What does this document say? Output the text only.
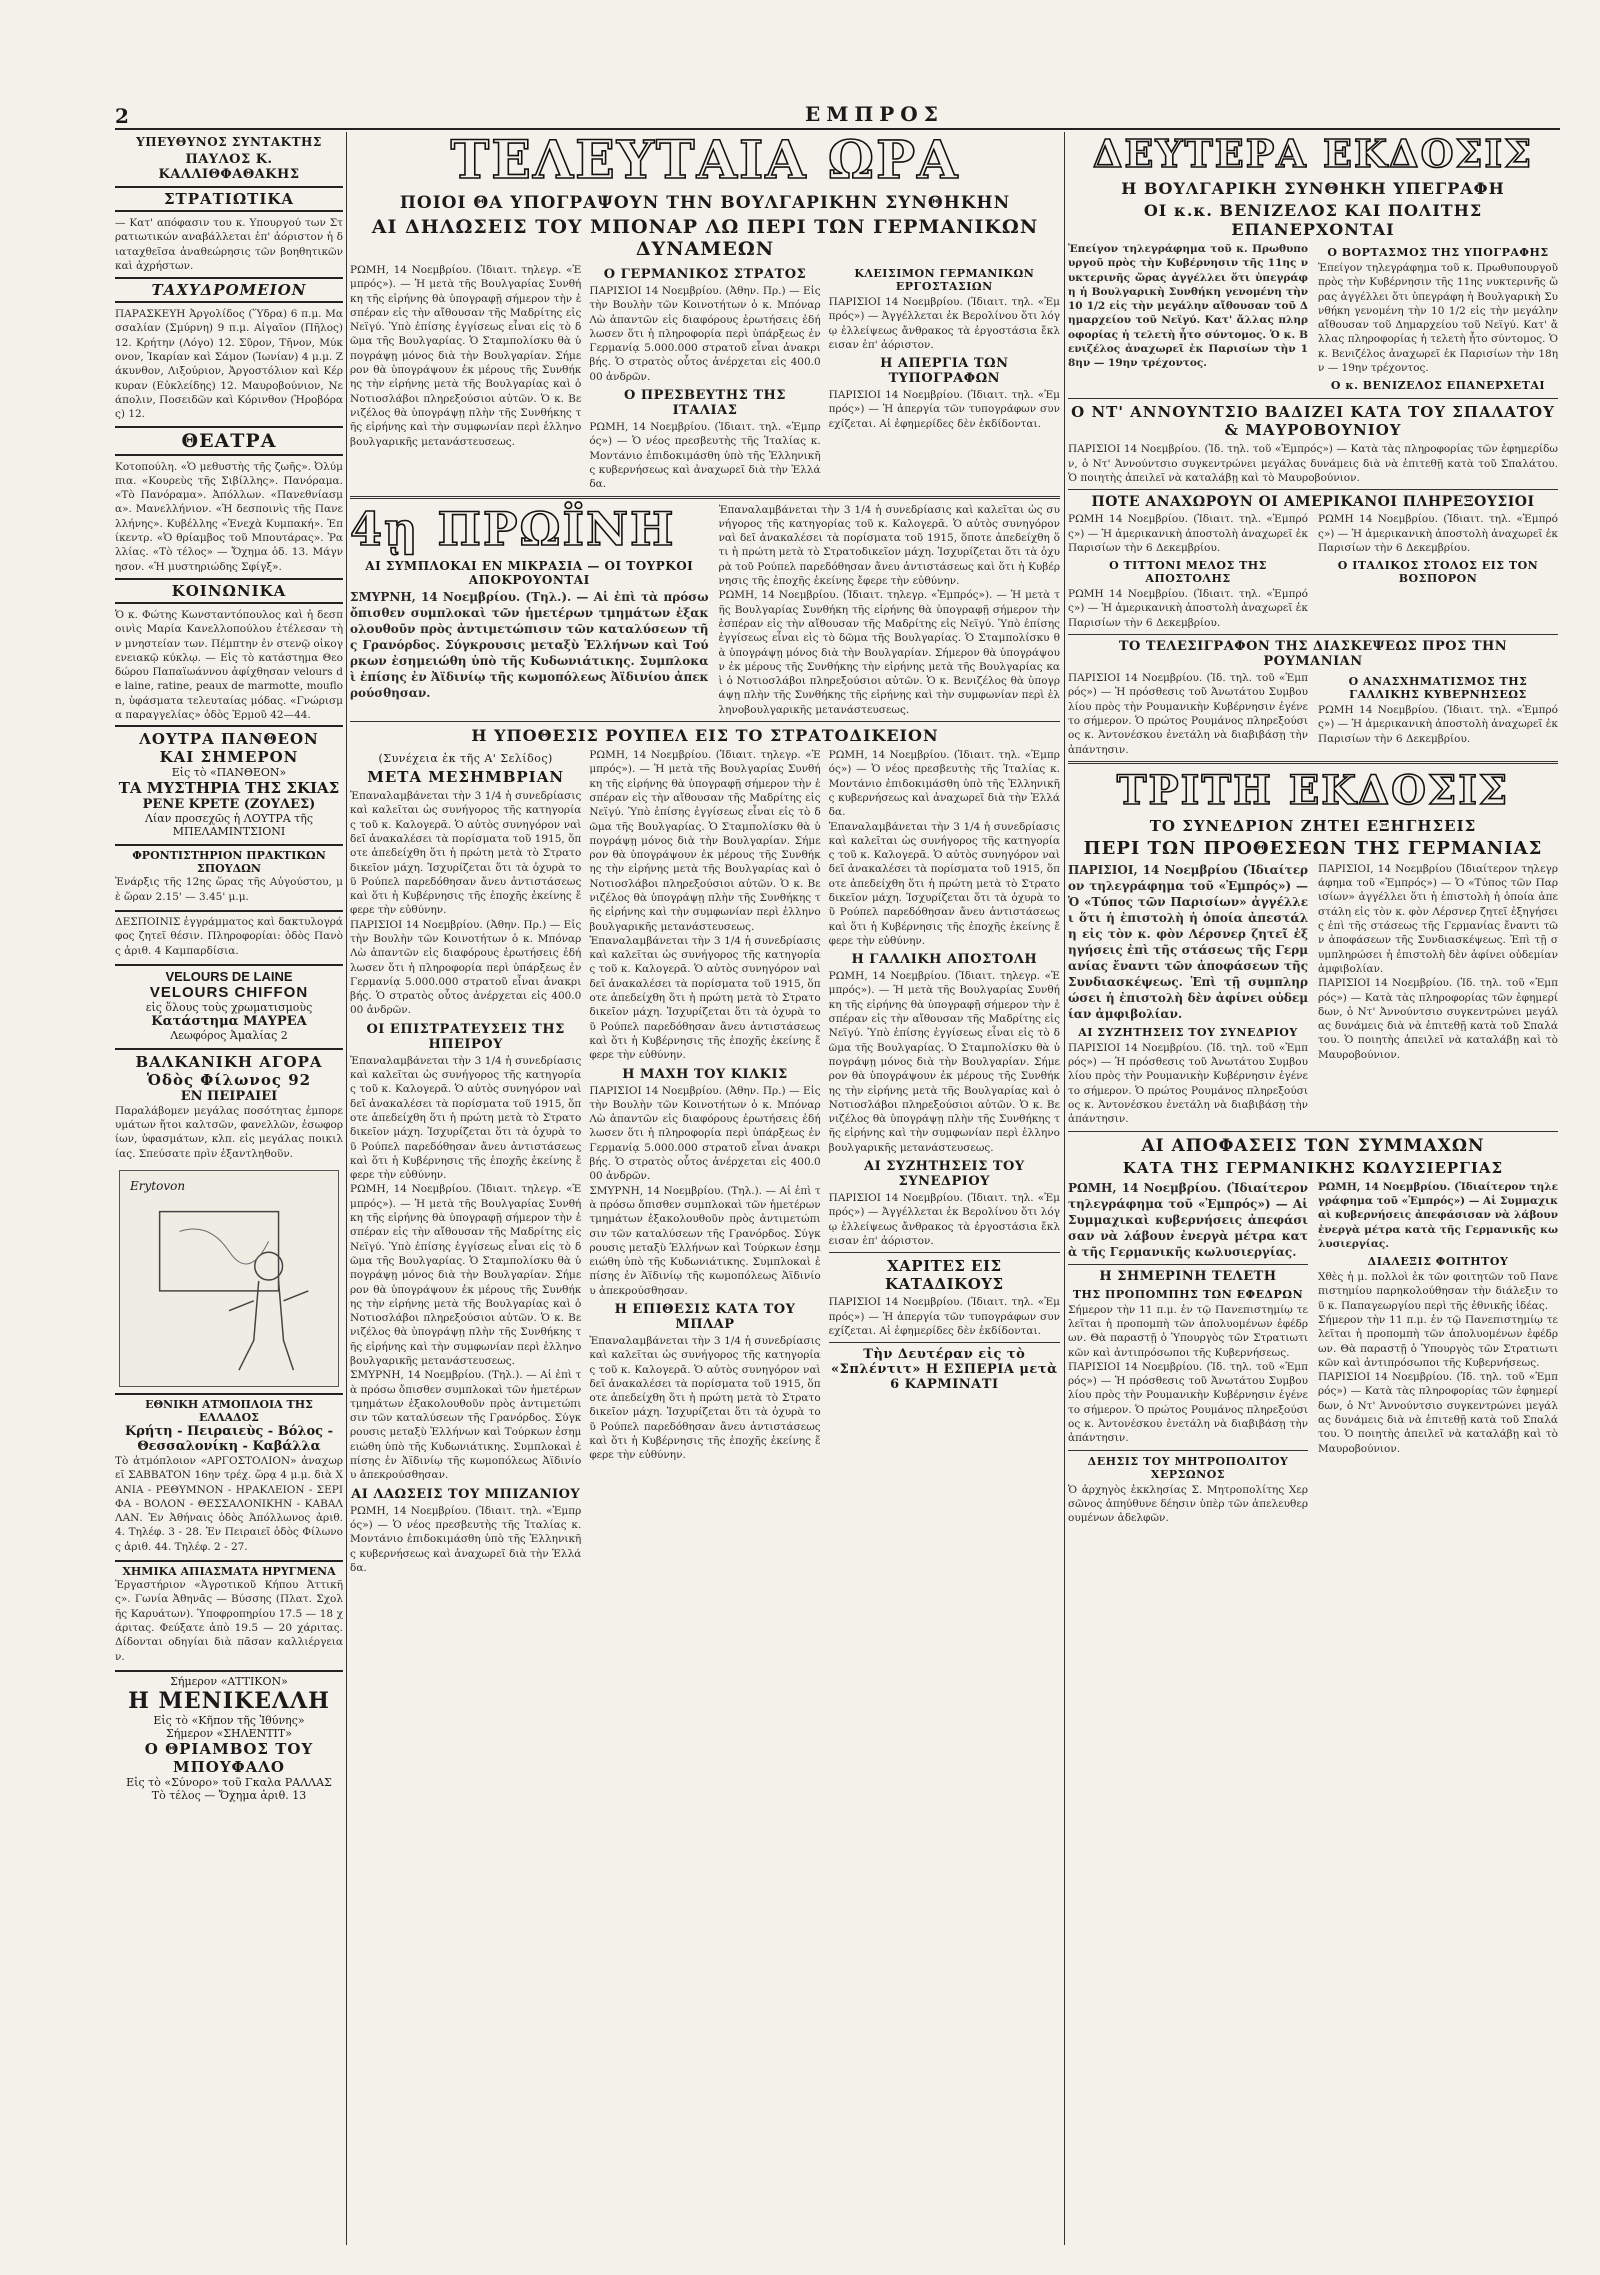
2	ΕΜΠΡΟΣ
ΥΠΕΥΘΥΝΟΣ ΣΥΝΤΑΚΤΗΣ
ΠΑΥΛΟΣ Κ. ΚΑΛΛΙΘΦΑΘΑΚΗΣ
ΣΤΡΑΤΙΩΤΙΚΑ
— Κατ' απόφασιν του κ. Υπουργού των Στρατιωτικών αναβάλλεται ἐπ' ἀόριστον ἡ διαταχθεῖσα ἀναθεώρησις τῶν βοηθητικῶν καὶ ἀχρήστων.
ΤΑΧΥΔΡΟΜΕΙΟΝ
ΠΑΡΑΣΚΕΥΗ Ἀργολίδος (Ὕδρα) 6 π.μ. Μασσαλίαν (Σμύρνη) 9 π.μ. Αἰγαῖον (Πῆλος) 12. Κρήτην (Λόγο) 12. Σῦρον, Τῆνον, Μύκονον, Ἰκαρίαν καὶ Σάμον (Ἰωνίαν) 4 μ.μ. Ζάκυνθον, Λιξούριον, Ἀργοστόλιον καὶ Κέρκυραν (Εὐκλείδης) 12. Μαυροβούνιον, Νεάπολιν, Ποσειδῶν καὶ Κόρινθον (Ἡροβόρας) 12.
ΘΕΑΤΡΑ
Κοτοπούλη. «Ὁ μεθυστὴς τῆς ζωῆς». Ὀλύμπια. «Κουρεὺς τῆς Σιβίλλης». Πανόραμα. «Τὸ Πανόραμα». Ἀπόλλων. «Πανεθνίασμα». Μανελλήνιον. «Ἡ δεσποινὶς τῆς Πανελλήνης». Κυβέλλης «Ἐνεχὰ Κυμπακή». Ἐπίκεντρ. «Ὁ θρίαμβος τοῦ Μπουτάρας». Ῥαλλίας. «Τὸ τέλος» — Ὄχημα ὁδ. 13. Μάγνησον. «Ἡ μυστηριώδης Σφίγξ».
ΚΟΙΝΩΝΙΚΑ
Ὁ κ. Φώτης Κωνσταντόπουλος καὶ ἡ δεσποινὶς Μαρία Κανελλοπούλου ἐτέλεσαν τὴν μνηστείαν των. Πέμπτην ἐν στενῷ οἰκογενειακῷ κύκλῳ. — Εἰς τὸ κατάστημα Θεοδώρου Παπαϊωάννου ἀφίχθησαν velours de laine, ratine, peaux de marmotte, mouflon, ὑφάσματα τελευταίας μόδας. «Γνώρισμα παραγγελίας» ὁδὸς Ἑρμοῦ 42—44.
ΛΟΥΤΡΑ ΠΑΝΘΕΟΝ
ΚΑΙ ΣΗΜΕΡΟΝ
Εἰς τὸ «ΠΑΝΘΕΟΝ»
ΤΑ ΜΥΣΤΗΡΙΑ ΤΗΣ ΣΚΙΑΣ
ΡΕΝΕ ΚΡΕΤΕ (ΖΟΥΛΕΣ)
Λίαν προσεχῶς ἡ ΛΟΥΤΡΑ τῆς ΜΠΕΛΑΜΙΝΤΣΙΟΝΙ
ΦΡΟΝΤΙΣΤΗΡΙΟΝ ΠΡΑΚΤΙΚΩΝ ΣΠΟΥΔΩΝ
Ἐνάρξις τῆς 12ης ὥρας τῆς Αὐγούστου, μὲ ὥραν 2.15' — 3.45' μ.μ.
ΔΕΣΠΟΙΝΙΣ ἐγγράμματος καὶ δακτυλογράφος ζητεῖ θέσιν. Πληροφορίαι: ὁδὸς Πανὸς ἀριθ. 4 Καμπαρδίσια.
VELOURS DE LAINE
VELOURS CHIFFON
εἰς ὅλους τοὺς χρωματισμοὺς
Κατάστημα ΜΑΥΡΕΑ
Λεωφόρος Ἀμαλίας 2
ΒΑΛΚΑΝΙΚΗ ΑΓΟΡΑ
Ὁδὸς Φίλωνος 92
ΕΝ ΠΕΙΡΑΙΕΙ
Παραλάβομεν μεγάλας ποσότητας ἐμπορευμάτων ἤτοι καλτσῶν, φανελλῶν, ἐσωφορίων, ὑφασμάτων, κλπ. εἰς μεγάλας ποικιλίας. Σπεύσατε πρὶν ἐξαντληθοῦν.
Erytovon
ΕΘΝΙΚΗ ΑΤΜΟΠΛΟΙΑ ΤΗΣ ΕΛΛΑΔΟΣ
Κρήτη - Πειραιεὺς - Βόλος - Θεσσαλονίκη - Καβάλλα
Τὸ ἀτμόπλοιον «ΑΡΓΟΣΤΟΛΙΟΝ» ἀναχωρεῖ ΣΑΒΒΑΤΟΝ 16ην τρέχ. ὥρᾳ 4 μ.μ. διὰ ΧΑΝΙΑ - ΡΕΘΥΜΝΟΝ - ΗΡΑΚΛΕΙΟΝ - ΣΕΡΙΦΑ - ΒΟΛΟΝ - ΘΕΣΣΑΛΟΝΙΚΗΝ - ΚΑΒΑΛΛΑΝ. Ἐν Ἀθήναις ὁδὸς Ἀπόλλωνος ἀριθ. 4. Τηλέφ. 3 - 28. Ἐν Πειραιεῖ ὁδὸς Φίλωνος ἀριθ. 44. Τηλέφ. 2 - 27.
ΧΗΜΙΚΑ ΑΠΙΑΣΜΑΤΑ ΗΡΥΓΜΕΝΑ
Ἐργαστήριον «Ἀγροτικοῦ Κήπου Ἀττικῆς». Γωνία Ἀθηνᾶς — Βύσσης (Πλατ. Σχολῆς Καρυάτων). Ὑποφροπηρίου 17.5 — 18 χάριτας. Φεύξατε ἀπὸ 19.5 — 20 χάριτας. Δίδονται οδηγίαι διὰ πᾶσαν καλλιέργειαν.
Σήμερον «ΑΤΤΙΚΟΝ»
Η ΜΕΝΙΚΕΛΛΗ
Εἰς τὸ «Κῆπον τῆς Ἰθύνης»
Σήμερον «ΣΗΛΕΝΤΙΤ»
Ο ΘΡΙΑΜΒΟΣ ΤΟΥ ΜΠΟΥΦΑΛΟ
Εἰς τὸ «Σύνορο» τοῦ Γκαλα ΡΑΛΛΑΣ
Τὸ τέλος — Ὄχημα ἀριθ. 13
ΤΕΛΕΥΤΑΙΑ ΩΡΑ
ΠΟΙΟΙ ΘΑ ΥΠΟΓΡΑΨΟΥΝ ΤΗΝ ΒΟΥΛΓΑΡΙΚΗΝ ΣΥΝΘΗΚΗΝ
ΑΙ ΔΗΛΩΣΕΙΣ ΤΟΥ ΜΠΟΝΑΡ ΛΩ ΠΕΡΙ ΤΩΝ ΓΕΡΜΑΝΙΚΩΝ ΔΥΝΑΜΕΩΝ
ΡΩΜΗ, 14 Νοεμβρίου. (Ἰδιαιτ. τηλεγρ. «Ἐμπρός»). — Ἡ μετὰ τῆς Βουλγαρίας Συνθήκη τῆς εἰρήνης θὰ ὑπογραφῇ σήμερον τὴν ἑσπέραν εἰς τὴν αἴθουσαν τῆς Μαδρίτης εἰς Νεϊγύ. Ὑπὸ ἐπίσης ἐγγίσεως εἶναι εἰς τὸ δῶμα τῆς Βουλγαρίας. Ὁ Σταμπολίσκυ θὰ ὑπογράψῃ μόνος διὰ τὴν Βουλγαρίαν. Σήμερον θὰ ὑπογράψουν ἐκ μέρους τῆς Συνθήκης τὴν εἰρήνης μετὰ τῆς Βουλγαρίας καὶ ὁ Νοτιοσλάβοι πληρεξούσιοι αὐτῶν. Ὁ κ. Βενιζέλος θὰ ὑπογράψῃ πλὴν τῆς Συνθήκης τῆς εἰρήνης καὶ τὴν συμφωνίαν περὶ ἑλληνοβουλγαρικῆς μετανάστευσεως.
Ο ΓΕΡΜΑΝΙΚΟΣ ΣΤΡΑΤΟΣ
ΠΑΡΙΣΙΟΙ 14 Νοεμβρίου. (Ἀθην. Πρ.) — Εἰς τὴν Βουλὴν τῶν Κοινοτήτων ὁ κ. Μπόναρ Λὼ ἀπαντῶν εἰς διαφόρους ἐρωτήσεις ἐδήλωσεν ὅτι ἡ πληροφορία περὶ ὑπάρξεως ἐν Γερμανίᾳ 5.000.000 στρατοῦ εἶναι ἀνακριβής. Ὁ στρατὸς οὗτος ἀνέρχεται εἰς 400.000 ἀνδρῶν.
Ο ΠΡΕΣΒΕΥΤΗΣ ΤΗΣ ΙΤΑΛΙΑΣ
ΡΩΜΗ, 14 Νοεμβρίου. (Ἰδιαιτ. τηλ. «Ἐμπρός») — Ὁ νέος πρεσβευτὴς τῆς Ἰταλίας κ. Μοντάνιο ἐπιδοκιμάσθη ὑπὸ τῆς Ἑλληνικῆς κυβερνήσεως καὶ ἀναχωρεῖ διὰ τὴν Ἑλλάδα.
ΚΛΕΙΣΙΜΟΝ ΓΕΡΜΑΝΙΚΩΝ ΕΡΓΟΣΤΑΣΙΩΝ
ΠΑΡΙΣΙΟΙ 14 Νοεμβρίου. (Ἰδιαιτ. τηλ. «Ἐμπρός») — Ἀγγέλλεται ἐκ Βερολίνου ὅτι λόγῳ ἐλλείψεως ἄνθρακος τὰ ἐργοστάσια ἔκλεισαν ἐπ' ἀόριστον.
Η ΑΠΕΡΓΙΑ ΤΩΝ ΤΥΠΟΓΡΑΦΩΝ
ΠΑΡΙΣΙΟΙ 14 Νοεμβρίου. (Ἰδιαιτ. τηλ. «Ἐμπρός») — Ἡ ἀπεργία τῶν τυπογράφων συνεχίζεται. Αἱ ἐφημερίδες δὲν ἐκδίδονται.
4ῃ ΠΡΩΪΝΗ
ΑΙ ΣΥΜΠΛΟΚΑΙ ΕΝ ΜΙΚΡΑΣΙΑ — ΟΙ ΤΟΥΡΚΟΙ ΑΠΟΚΡΟΥΟΝΤΑΙ
ΣΜΥΡΝΗ, 14 Νοεμβρίου. (Τηλ.). — Αἱ ἐπὶ τὰ πρόσω ὄπισθεν συμπλοκαὶ τῶν ἡμετέρων τμημάτων ἐξακολουθοῦν πρὸς ἀντιμετώπισιν τῶν καταλύσεων τῆς Γρανόρδος. Σύγκρουσις μεταξὺ Ἑλλήνων καὶ Τούρκων ἐσημειώθη ὑπὸ τῆς Κυδωνιάτικης. Συμπλοκαὶ ἐπίσης ἐν Ἀϊδινίῳ τῆς κωμοπόλεως Ἀϊδινίου ἀπεκρούσθησαν.
Ἐπαναλαμβάνεται τὴν 3 1/4 ἡ συνεδρίασις καὶ καλεῖται ὡς συνήγορος τῆς κατηγορίας τοῦ κ. Καλογερᾶ. Ὁ αὐτὸς συνηγόρον ναὶ δεῖ ἀνακαλέσει τὰ πορίσματα τοῦ 1915, ὅποτε ἀπεδείχθη ὅτι ἡ πρώτη μετὰ τὸ Στρατοδικεῖον μάχη. Ἰσχυρίζεται ὅτι τὰ ὀχυρὰ τοῦ Ρούπελ παρεδόθησαν ἄνευ ἀντιστάσεως καὶ ὅτι ἡ Κυβέρνησις τῆς ἐποχῆς ἐκείνης ἔφερε τὴν εὐθύνην.
ΡΩΜΗ, 14 Νοεμβρίου. (Ἰδιαιτ. τηλεγρ. «Ἐμπρός»). — Ἡ μετὰ τῆς Βουλγαρίας Συνθήκη τῆς εἰρήνης θὰ ὑπογραφῇ σήμερον τὴν ἑσπέραν εἰς τὴν αἴθουσαν τῆς Μαδρίτης εἰς Νεϊγύ. Ὑπὸ ἐπίσης ἐγγίσεως εἶναι εἰς τὸ δῶμα τῆς Βουλγαρίας. Ὁ Σταμπολίσκυ θὰ ὑπογράψῃ μόνος διὰ τὴν Βουλγαρίαν. Σήμερον θὰ ὑπογράψουν ἐκ μέρους τῆς Συνθήκης τὴν εἰρήνης μετὰ τῆς Βουλγαρίας καὶ ὁ Νοτιοσλάβοι πληρεξούσιοι αὐτῶν. Ὁ κ. Βενιζέλος θὰ ὑπογράψῃ πλὴν τῆς Συνθήκης τῆς εἰρήνης καὶ τὴν συμφωνίαν περὶ ἑλληνοβουλγαρικῆς μετανάστευσεως.
Η ΥΠΟΘΕΣΙΣ ΡΟΥΠΕΛ ΕΙΣ ΤΟ ΣΤΡΑΤΟΔΙΚΕΙΟΝ
(Συνέχεια ἐκ τῆς Α' Σελίδος)
ΜΕΤΑ ΜΕΣΗΜΒΡΙΑΝ
Ἐπαναλαμβάνεται τὴν 3 1/4 ἡ συνεδρίασις καὶ καλεῖται ὡς συνήγορος τῆς κατηγορίας τοῦ κ. Καλογερᾶ. Ὁ αὐτὸς συνηγόρον ναὶ δεῖ ἀνακαλέσει τὰ πορίσματα τοῦ 1915, ὅποτε ἀπεδείχθη ὅτι ἡ πρώτη μετὰ τὸ Στρατοδικεῖον μάχη. Ἰσχυρίζεται ὅτι τὰ ὀχυρὰ τοῦ Ρούπελ παρεδόθησαν ἄνευ ἀντιστάσεως καὶ ὅτι ἡ Κυβέρνησις τῆς ἐποχῆς ἐκείνης ἔφερε τὴν εὐθύνην.
ΠΑΡΙΣΙΟΙ 14 Νοεμβρίου. (Ἀθην. Πρ.) — Εἰς τὴν Βουλὴν τῶν Κοινοτήτων ὁ κ. Μπόναρ Λὼ ἀπαντῶν εἰς διαφόρους ἐρωτήσεις ἐδήλωσεν ὅτι ἡ πληροφορία περὶ ὑπάρξεως ἐν Γερμανίᾳ 5.000.000 στρατοῦ εἶναι ἀνακριβής. Ὁ στρατὸς οὗτος ἀνέρχεται εἰς 400.000 ἀνδρῶν.
ΟΙ ΕΠΙΣΤΡΑΤΕΥΣΕΙΣ ΤΗΣ ΗΠΕΙΡΟΥ
Ἐπαναλαμβάνεται τὴν 3 1/4 ἡ συνεδρίασις καὶ καλεῖται ὡς συνήγορος τῆς κατηγορίας τοῦ κ. Καλογερᾶ. Ὁ αὐτὸς συνηγόρον ναὶ δεῖ ἀνακαλέσει τὰ πορίσματα τοῦ 1915, ὅποτε ἀπεδείχθη ὅτι ἡ πρώτη μετὰ τὸ Στρατοδικεῖον μάχη. Ἰσχυρίζεται ὅτι τὰ ὀχυρὰ τοῦ Ρούπελ παρεδόθησαν ἄνευ ἀντιστάσεως καὶ ὅτι ἡ Κυβέρνησις τῆς ἐποχῆς ἐκείνης ἔφερε τὴν εὐθύνην.
ΡΩΜΗ, 14 Νοεμβρίου. (Ἰδιαιτ. τηλεγρ. «Ἐμπρός»). — Ἡ μετὰ τῆς Βουλγαρίας Συνθήκη τῆς εἰρήνης θὰ ὑπογραφῇ σήμερον τὴν ἑσπέραν εἰς τὴν αἴθουσαν τῆς Μαδρίτης εἰς Νεϊγύ. Ὑπὸ ἐπίσης ἐγγίσεως εἶναι εἰς τὸ δῶμα τῆς Βουλγαρίας. Ὁ Σταμπολίσκυ θὰ ὑπογράψῃ μόνος διὰ τὴν Βουλγαρίαν. Σήμερον θὰ ὑπογράψουν ἐκ μέρους τῆς Συνθήκης τὴν εἰρήνης μετὰ τῆς Βουλγαρίας καὶ ὁ Νοτιοσλάβοι πληρεξούσιοι αὐτῶν. Ὁ κ. Βενιζέλος θὰ ὑπογράψῃ πλὴν τῆς Συνθήκης τῆς εἰρήνης καὶ τὴν συμφωνίαν περὶ ἑλληνοβουλγαρικῆς μετανάστευσεως.
ΣΜΥΡΝΗ, 14 Νοεμβρίου. (Τηλ.). — Αἱ ἐπὶ τὰ πρόσω ὄπισθεν συμπλοκαὶ τῶν ἡμετέρων τμημάτων ἐξακολουθοῦν πρὸς ἀντιμετώπισιν τῶν καταλύσεων τῆς Γρανόρδος. Σύγκρουσις μεταξὺ Ἑλλήνων καὶ Τούρκων ἐσημειώθη ὑπὸ τῆς Κυδωνιάτικης. Συμπλοκαὶ ἐπίσης ἐν Ἀϊδινίῳ τῆς κωμοπόλεως Ἀϊδινίου ἀπεκρούσθησαν.
ΑΙ ΛΑΩΣΕΙΣ ΤΟΥ ΜΠΙΖΑΝΙΟΥ
ΡΩΜΗ, 14 Νοεμβρίου. (Ἰδιαιτ. τηλ. «Ἐμπρός») — Ὁ νέος πρεσβευτὴς τῆς Ἰταλίας κ. Μοντάνιο ἐπιδοκιμάσθη ὑπὸ τῆς Ἑλληνικῆς κυβερνήσεως καὶ ἀναχωρεῖ διὰ τὴν Ἑλλάδα.
ΡΩΜΗ, 14 Νοεμβρίου. (Ἰδιαιτ. τηλεγρ. «Ἐμπρός»). — Ἡ μετὰ τῆς Βουλγαρίας Συνθήκη τῆς εἰρήνης θὰ ὑπογραφῇ σήμερον τὴν ἑσπέραν εἰς τὴν αἴθουσαν τῆς Μαδρίτης εἰς Νεϊγύ. Ὑπὸ ἐπίσης ἐγγίσεως εἶναι εἰς τὸ δῶμα τῆς Βουλγαρίας. Ὁ Σταμπολίσκυ θὰ ὑπογράψῃ μόνος διὰ τὴν Βουλγαρίαν. Σήμερον θὰ ὑπογράψουν ἐκ μέρους τῆς Συνθήκης τὴν εἰρήνης μετὰ τῆς Βουλγαρίας καὶ ὁ Νοτιοσλάβοι πληρεξούσιοι αὐτῶν. Ὁ κ. Βενιζέλος θὰ ὑπογράψῃ πλὴν τῆς Συνθήκης τῆς εἰρήνης καὶ τὴν συμφωνίαν περὶ ἑλληνοβουλγαρικῆς μετανάστευσεως.
Ἐπαναλαμβάνεται τὴν 3 1/4 ἡ συνεδρίασις καὶ καλεῖται ὡς συνήγορος τῆς κατηγορίας τοῦ κ. Καλογερᾶ. Ὁ αὐτὸς συνηγόρον ναὶ δεῖ ἀνακαλέσει τὰ πορίσματα τοῦ 1915, ὅποτε ἀπεδείχθη ὅτι ἡ πρώτη μετὰ τὸ Στρατοδικεῖον μάχη. Ἰσχυρίζεται ὅτι τὰ ὀχυρὰ τοῦ Ρούπελ παρεδόθησαν ἄνευ ἀντιστάσεως καὶ ὅτι ἡ Κυβέρνησις τῆς ἐποχῆς ἐκείνης ἔφερε τὴν εὐθύνην.
Η ΜΑΧΗ ΤΟΥ ΚΙΛΚΙΣ
ΠΑΡΙΣΙΟΙ 14 Νοεμβρίου. (Ἀθην. Πρ.) — Εἰς τὴν Βουλὴν τῶν Κοινοτήτων ὁ κ. Μπόναρ Λὼ ἀπαντῶν εἰς διαφόρους ἐρωτήσεις ἐδήλωσεν ὅτι ἡ πληροφορία περὶ ὑπάρξεως ἐν Γερμανίᾳ 5.000.000 στρατοῦ εἶναι ἀνακριβής. Ὁ στρατὸς οὗτος ἀνέρχεται εἰς 400.000 ἀνδρῶν.
ΣΜΥΡΝΗ, 14 Νοεμβρίου. (Τηλ.). — Αἱ ἐπὶ τὰ πρόσω ὄπισθεν συμπλοκαὶ τῶν ἡμετέρων τμημάτων ἐξακολουθοῦν πρὸς ἀντιμετώπισιν τῶν καταλύσεων τῆς Γρανόρδος. Σύγκρουσις μεταξὺ Ἑλλήνων καὶ Τούρκων ἐσημειώθη ὑπὸ τῆς Κυδωνιάτικης. Συμπλοκαὶ ἐπίσης ἐν Ἀϊδινίῳ τῆς κωμοπόλεως Ἀϊδινίου ἀπεκρούσθησαν.
Η ΕΠΙΘΕΣΙΣ ΚΑΤΑ ΤΟΥ ΜΠΛΑΡ
Ἐπαναλαμβάνεται τὴν 3 1/4 ἡ συνεδρίασις καὶ καλεῖται ὡς συνήγορος τῆς κατηγορίας τοῦ κ. Καλογερᾶ. Ὁ αὐτὸς συνηγόρον ναὶ δεῖ ἀνακαλέσει τὰ πορίσματα τοῦ 1915, ὅποτε ἀπεδείχθη ὅτι ἡ πρώτη μετὰ τὸ Στρατοδικεῖον μάχη. Ἰσχυρίζεται ὅτι τὰ ὀχυρὰ τοῦ Ρούπελ παρεδόθησαν ἄνευ ἀντιστάσεως καὶ ὅτι ἡ Κυβέρνησις τῆς ἐποχῆς ἐκείνης ἔφερε τὴν εὐθύνην.
ΡΩΜΗ, 14 Νοεμβρίου. (Ἰδιαιτ. τηλ. «Ἐμπρός») — Ὁ νέος πρεσβευτὴς τῆς Ἰταλίας κ. Μοντάνιο ἐπιδοκιμάσθη ὑπὸ τῆς Ἑλληνικῆς κυβερνήσεως καὶ ἀναχωρεῖ διὰ τὴν Ἑλλάδα.
Ἐπαναλαμβάνεται τὴν 3 1/4 ἡ συνεδρίασις καὶ καλεῖται ὡς συνήγορος τῆς κατηγορίας τοῦ κ. Καλογερᾶ. Ὁ αὐτὸς συνηγόρον ναὶ δεῖ ἀνακαλέσει τὰ πορίσματα τοῦ 1915, ὅποτε ἀπεδείχθη ὅτι ἡ πρώτη μετὰ τὸ Στρατοδικεῖον μάχη. Ἰσχυρίζεται ὅτι τὰ ὀχυρὰ τοῦ Ρούπελ παρεδόθησαν ἄνευ ἀντιστάσεως καὶ ὅτι ἡ Κυβέρνησις τῆς ἐποχῆς ἐκείνης ἔφερε τὴν εὐθύνην.
Η ΓΑΛΛΙΚΗ ΑΠΟΣΤΟΛΗ
ΡΩΜΗ, 14 Νοεμβρίου. (Ἰδιαιτ. τηλεγρ. «Ἐμπρός»). — Ἡ μετὰ τῆς Βουλγαρίας Συνθήκη τῆς εἰρήνης θὰ ὑπογραφῇ σήμερον τὴν ἑσπέραν εἰς τὴν αἴθουσαν τῆς Μαδρίτης εἰς Νεϊγύ. Ὑπὸ ἐπίσης ἐγγίσεως εἶναι εἰς τὸ δῶμα τῆς Βουλγαρίας. Ὁ Σταμπολίσκυ θὰ ὑπογράψῃ μόνος διὰ τὴν Βουλγαρίαν. Σήμερον θὰ ὑπογράψουν ἐκ μέρους τῆς Συνθήκης τὴν εἰρήνης μετὰ τῆς Βουλγαρίας καὶ ὁ Νοτιοσλάβοι πληρεξούσιοι αὐτῶν. Ὁ κ. Βενιζέλος θὰ ὑπογράψῃ πλὴν τῆς Συνθήκης τῆς εἰρήνης καὶ τὴν συμφωνίαν περὶ ἑλληνοβουλγαρικῆς μετανάστευσεως.
ΑΙ ΣΥΖΗΤΗΣΕΙΣ ΤΟΥ ΣΥΝΕΔΡΙΟΥ
ΠΑΡΙΣΙΟΙ 14 Νοεμβρίου. (Ἰδιαιτ. τηλ. «Ἐμπρός») — Ἀγγέλλεται ἐκ Βερολίνου ὅτι λόγῳ ἐλλείψεως ἄνθρακος τὰ ἐργοστάσια ἔκλεισαν ἐπ' ἀόριστον.
ΧΑΡΙΤΕΣ ΕΙΣ ΚΑΤΑΔΙΚΟΥΣ
ΠΑΡΙΣΙΟΙ 14 Νοεμβρίου. (Ἰδιαιτ. τηλ. «Ἐμπρός») — Ἡ ἀπεργία τῶν τυπογράφων συνεχίζεται. Αἱ ἐφημερίδες δὲν ἐκδίδονται.
Τὴν Δευτέραν εἰς τὸ «Σπλέντιτ» Η ΕΣΠΕΡΙΑ μετὰ 6 ΚΑΡΜΙΝΑΤΙ
ΔΕΥΤΕΡΑ ΕΚΔΟΣΙΣ
Η ΒΟΥΛΓΑΡΙΚΗ ΣΥΝΘΗΚΗ ΥΠΕΓΡΑΦΗ
ΟΙ κ.κ. ΒΕΝΙΖΕΛΟΣ ΚΑΙ ΠΟΛΙΤΗΣ ΕΠΑΝΕΡΧΟΝΤΑΙ
Ἐπείγον τηλεγράφημα τοῦ κ. Πρωθυπουργοῦ πρὸς τὴν Κυβέρνησιν τῆς 11ης νυκτερινῆς ὥρας ἀγγέλλει ὅτι ὑπεγράφη ἡ Βουλγαρικὴ Συνθήκη γενομένη τὴν 10 1/2 εἰς τὴν μεγάλην αἴθουσαν τοῦ Δημαρχείου τοῦ Νεϊγύ. Κατ' ἄλλας πληροφορίας ἡ τελετὴ ἦτο σύντομος. Ὁ κ. Βενιζέλος ἀναχωρεῖ ἐκ Παρισίων τὴν 18ην — 19ην τρέχοντος.
Ο ΒΟΡΤΑΣΜΟΣ ΤΗΣ ΥΠΟΓΡΑΦΗΣ
Ἐπείγον τηλεγράφημα τοῦ κ. Πρωθυπουργοῦ πρὸς τὴν Κυβέρνησιν τῆς 11ης νυκτερινῆς ὥρας ἀγγέλλει ὅτι ὑπεγράφη ἡ Βουλγαρικὴ Συνθήκη γενομένη τὴν 10 1/2 εἰς τὴν μεγάλην αἴθουσαν τοῦ Δημαρχείου τοῦ Νεϊγύ. Κατ' ἄλλας πληροφορίας ἡ τελετὴ ἦτο σύντομος. Ὁ κ. Βενιζέλος ἀναχωρεῖ ἐκ Παρισίων τὴν 18ην — 19ην τρέχοντος.
Ο κ. ΒΕΝΙΖΕΛΟΣ ΕΠΑΝΕΡΧΕΤΑΙ
Ο ΝΤ' ΑΝΝΟΥΝΤΣΙΟ ΒΑΔΙΖΕΙ ΚΑΤΑ ΤΟΥ ΣΠΑΛΑΤΟΥ & ΜΑΥΡΟΒΟΥΝΙΟΥ
ΠΑΡΙΣΙΟΙ 14 Νοεμβρίου. (Ἰδ. τηλ. τοῦ «Ἐμπρός») — Κατὰ τὰς πληροφορίας τῶν ἐφημερίδων, ὁ Ντ' Ἀννούντσιο συγκεντρώνει μεγάλας δυνάμεις διὰ νὰ ἐπιτεθῇ κατὰ τοῦ Σπαλάτου. Ὁ ποιητὴς ἀπειλεῖ νὰ καταλάβῃ καὶ τὸ Μαυροβούνιον.
ΠΟΤΕ ΑΝΑΧΩΡΟΥΝ ΟΙ ΑΜΕΡΙΚΑΝΟΙ ΠΛΗΡΕΞΟΥΣΙΟΙ
ΡΩΜΗ 14 Νοεμβρίου. (Ἰδιαιτ. τηλ. «Ἐμπρός») — Ἡ ἀμερικανικὴ ἀποστολὴ ἀναχωρεῖ ἐκ Παρισίων τὴν 6 Δεκεμβρίου.
Ο ΤΙΤΤΟΝΙ ΜΕΛΟΣ ΤΗΣ ΑΠΟΣΤΟΛΗΣ
ΡΩΜΗ 14 Νοεμβρίου. (Ἰδιαιτ. τηλ. «Ἐμπρός») — Ἡ ἀμερικανικὴ ἀποστολὴ ἀναχωρεῖ ἐκ Παρισίων τὴν 6 Δεκεμβρίου.
ΡΩΜΗ 14 Νοεμβρίου. (Ἰδιαιτ. τηλ. «Ἐμπρός») — Ἡ ἀμερικανικὴ ἀποστολὴ ἀναχωρεῖ ἐκ Παρισίων τὴν 6 Δεκεμβρίου.
Ο ΙΤΑΛΙΚΟΣ ΣΤΟΛΟΣ ΕΙΣ ΤΟΝ ΒΟΣΠΟΡΟΝ
ΤΟ ΤΕΛΕΣΙΓΡΑΦΟΝ ΤΗΣ ΔΙΑΣΚΕΨΕΩΣ ΠΡΟΣ ΤΗΝ ΡΟΥΜΑΝΙΑΝ
ΠΑΡΙΣΙΟΙ 14 Νοεμβρίου. (Ἰδ. τηλ. τοῦ «Ἐμπρός») — Ἡ πρόσθεσις τοῦ Ἀνωτάτου Συμβουλίου πρὸς τὴν Ρουμανικὴν Κυβέρνησιν ἐγένετο σήμερον. Ὁ πρώτος Ρουμάνος πληρεξούσιος κ. Ἀντονέσκου ἐνετάλη νὰ διαβιβάσῃ τὴν ἀπάντησιν.
Ο ΑΝΑΣΧΗΜΑΤΙΣΜΟΣ ΤΗΣ ΓΑΛΛΙΚΗΣ ΚΥΒΕΡΝΗΣΕΩΣ
ΡΩΜΗ 14 Νοεμβρίου. (Ἰδιαιτ. τηλ. «Ἐμπρός») — Ἡ ἀμερικανικὴ ἀποστολὴ ἀναχωρεῖ ἐκ Παρισίων τὴν 6 Δεκεμβρίου.
ΤΡΙΤΗ ΕΚΔΟΣΙΣ
ΤΟ ΣΥΝΕΔΡΙΟΝ ΖΗΤΕΙ ΕΞΗΓΗΣΕΙΣ
ΠΕΡΙ ΤΩΝ ΠΡΟΘΕΣΕΩΝ ΤΗΣ ΓΕΡΜΑΝΙΑΣ
ΠΑΡΙΣΙΟΙ, 14 Νοεμβρίου (Ἰδιαίτερον τηλεγράφημα τοῦ «Ἐμπρός») — Ὁ «Τύπος τῶν Παρισίων» ἀγγέλλει ὅτι ἡ ἐπιστολὴ ἡ ὁποία ἀπεστάλη εἰς τὸν κ. φὸν Λέρσνερ ζητεῖ ἐξηγήσεις ἐπὶ τῆς στάσεως τῆς Γερμανίας ἔναντι τῶν ἀποφάσεων τῆς Συνδιασκέψεως. Ἐπὶ τῇ συμπληρώσει ἡ ἐπιστολὴ δὲν ἀφίνει οὐδεμίαν ἀμφιβολίαν.
ΑΙ ΣΥΖΗΤΗΣΕΙΣ ΤΟΥ ΣΥΝΕΔΡΙΟΥ
ΠΑΡΙΣΙΟΙ 14 Νοεμβρίου. (Ἰδ. τηλ. τοῦ «Ἐμπρός») — Ἡ πρόσθεσις τοῦ Ἀνωτάτου Συμβουλίου πρὸς τὴν Ρουμανικὴν Κυβέρνησιν ἐγένετο σήμερον. Ὁ πρώτος Ρουμάνος πληρεξούσιος κ. Ἀντονέσκου ἐνετάλη νὰ διαβιβάσῃ τὴν ἀπάντησιν.
ΠΑΡΙΣΙΟΙ, 14 Νοεμβρίου (Ἰδιαίτερον τηλεγράφημα τοῦ «Ἐμπρός») — Ὁ «Τύπος τῶν Παρισίων» ἀγγέλλει ὅτι ἡ ἐπιστολὴ ἡ ὁποία ἀπεστάλη εἰς τὸν κ. φὸν Λέρσνερ ζητεῖ ἐξηγήσεις ἐπὶ τῆς στάσεως τῆς Γερμανίας ἔναντι τῶν ἀποφάσεων τῆς Συνδιασκέψεως. Ἐπὶ τῇ συμπληρώσει ἡ ἐπιστολὴ δὲν ἀφίνει οὐδεμίαν ἀμφιβολίαν.
ΠΑΡΙΣΙΟΙ 14 Νοεμβρίου. (Ἰδ. τηλ. τοῦ «Ἐμπρός») — Κατὰ τὰς πληροφορίας τῶν ἐφημερίδων, ὁ Ντ' Ἀννούντσιο συγκεντρώνει μεγάλας δυνάμεις διὰ νὰ ἐπιτεθῇ κατὰ τοῦ Σπαλάτου. Ὁ ποιητὴς ἀπειλεῖ νὰ καταλάβῃ καὶ τὸ Μαυροβούνιον.
ΑΙ ΑΠΟΦΑΣΕΙΣ ΤΩΝ ΣΥΜΜΑΧΩΝ
ΚΑΤΑ ΤΗΣ ΓΕΡΜΑΝΙΚΗΣ ΚΩΛΥΣΙΕΡΓΙΑΣ
ΡΩΜΗ, 14 Νοεμβρίου. (Ἰδιαίτερον τηλεγράφημα τοῦ «Ἐμπρός») — Αἱ Συμμαχικαὶ κυβερνήσεις ἀπεφάσισαν νὰ λάβουν ἐνεργὰ μέτρα κατὰ τῆς Γερμανικῆς κωλυσιεργίας.
Η ΣΗΜΕΡΙΝΗ ΤΕΛΕΤΗ
ΤΗΣ ΠΡΟΠΟΜΠΗΣ ΤΩΝ ΕΦΕΔΡΩΝ
Σήμερον τὴν 11 π.μ. ἐν τῷ Πανεπιστημίῳ τελεῖται ἡ προπομπὴ τῶν ἀπολυομένων ἐφέδρων. Θὰ παραστῇ ὁ Ὑπουργὸς τῶν Στρατιωτικῶν καὶ ἀντιπρόσωποι τῆς Κυβερνήσεως.
ΠΑΡΙΣΙΟΙ 14 Νοεμβρίου. (Ἰδ. τηλ. τοῦ «Ἐμπρός») — Ἡ πρόσθεσις τοῦ Ἀνωτάτου Συμβουλίου πρὸς τὴν Ρουμανικὴν Κυβέρνησιν ἐγένετο σήμερον. Ὁ πρώτος Ρουμάνος πληρεξούσιος κ. Ἀντονέσκου ἐνετάλη νὰ διαβιβάσῃ τὴν ἀπάντησιν.
ΔΕΗΣΙΣ ΤΟΥ ΜΗΤΡΟΠΟΛΙΤΟΥ ΧΕΡΣΩΝΟΣ
Ὁ ἀρχηγὸς ἐκκλησίας Σ. Μητροπολίτης Χερσῶνος ἀπηύθυνε δέησιν ὑπὲρ τῶν ἀπελευθερουμένων ἀδελφῶν.
ΡΩΜΗ, 14 Νοεμβρίου. (Ἰδιαίτερον τηλεγράφημα τοῦ «Ἐμπρός») — Αἱ Συμμαχικαὶ κυβερνήσεις ἀπεφάσισαν νὰ λάβουν ἐνεργὰ μέτρα κατὰ τῆς Γερμανικῆς κωλυσιεργίας.
ΔΙΑΛΕΞΙΣ ΦΟΙΤΗΤΟΥ
Χθὲς ἡ μ. πολλοὶ ἐκ τῶν φοιτητῶν τοῦ Πανεπιστημίου παρηκολούθησαν τὴν διάλεξιν τοῦ κ. Παπαγεωργίου περὶ τῆς ἐθνικῆς ἰδέας.
Σήμερον τὴν 11 π.μ. ἐν τῷ Πανεπιστημίῳ τελεῖται ἡ προπομπὴ τῶν ἀπολυομένων ἐφέδρων. Θὰ παραστῇ ὁ Ὑπουργὸς τῶν Στρατιωτικῶν καὶ ἀντιπρόσωποι τῆς Κυβερνήσεως.
ΠΑΡΙΣΙΟΙ 14 Νοεμβρίου. (Ἰδ. τηλ. τοῦ «Ἐμπρός») — Κατὰ τὰς πληροφορίας τῶν ἐφημερίδων, ὁ Ντ' Ἀννούντσιο συγκεντρώνει μεγάλας δυνάμεις διὰ νὰ ἐπιτεθῇ κατὰ τοῦ Σπαλάτου. Ὁ ποιητὴς ἀπειλεῖ νὰ καταλάβῃ καὶ τὸ Μαυροβούνιον.
